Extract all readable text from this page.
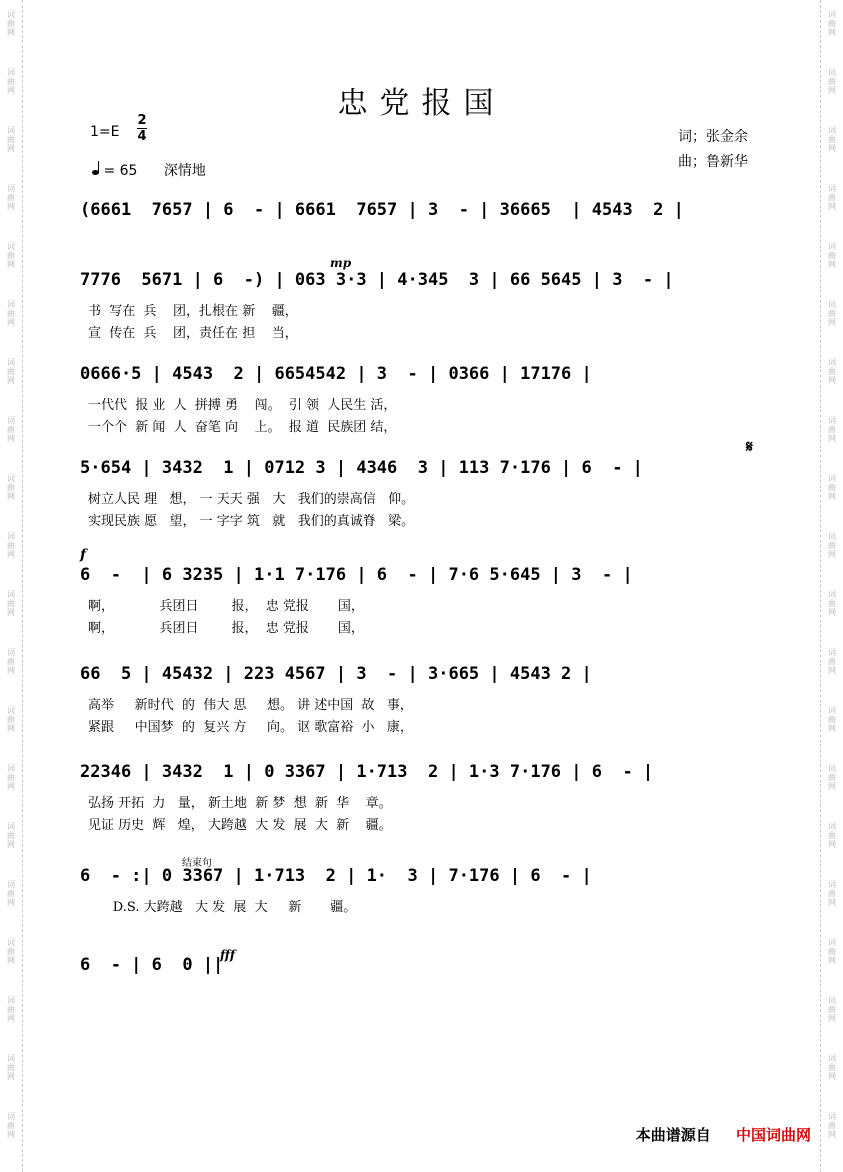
词
曲
网
词
曲
网
词
曲
网
词
曲
网
词
曲
网
词
曲
网
词
曲
网
词
曲
网
词
曲
网
词
曲
网
词
曲
网
词
曲
网
词
曲
网
词
曲
网
词
曲
网
词
曲
网
词
曲
网
词
曲
网
词
曲
网
词
曲
网
词
曲
网
词
曲
网
词
曲
网
词
曲
网
词
曲
网
词
曲
网
词
曲
网
词
曲
网
词
曲
网
词
曲
网
词
曲
网
词
曲
网
词
曲
网
词
曲
网
词
曲
网
词
曲
网
词
曲
网
词
曲
网
词
曲
网
词
曲
网
忠党报国
1=E
2
4
= 65 深情地
词；张金余
曲；鲁新华
(6661  7657 | 6  - | 6661  7657 | 3  - | 36665  | 4543  2 |
7776  5671 | 6  -) | 063 3·3 | 4·345  3 | 66 5645 | 3  - |
书  写在  兵    团，扎根在 新    疆，
宣  传在  兵    团，责任在 担    当，
0666·5 | 4543  2 | 6654542 | 3  - | 0366 | 17176 |
一代代  报 业  人  拼搏 勇    闯。  引 领  人民生 活，
一个个  新 闻  人  奋笔 向    上。  报 道  民族团 结，
5·654 | 3432  1 | 0712 3 | 4346  3 | 113 7·176 | 6  - |
树立人民 理   想， 一 天天 强   大   我们的崇高信   仰。
实现民族 愿   望， 一 字字 筑   就   我们的真诚脊   梁。
6  -  | 6 3235 | 1·1 7·176 | 6  - | 7·6 5·645 | 3  - |
啊，           兵团日        报，  忠 党报       国，
啊，           兵团日        报，  忠 党报       国，
66  5 | 45432 | 223 4567 | 3  - | 3·665 | 4543 2 |
高举     新时代  的  伟大 思     想。 讲 述中国  故   事，
紧跟     中国梦  的  复兴 方     向。 讴 歌富裕  小   康，
22346 | 3432  1 | 0 3367 | 1·713  2 | 1·3 7·176 | 6  - |
弘扬 开拓  力   量， 新土地  新 梦  想  新  华    章。
见证 历史  辉   煌， 大跨越  大 发  展  大  新    疆。
6  - :| 0 3367 | 1·713  2 | 1·  3 | 7·176 | 6  - |
D.S. 大跨越   大 发  展  大     新       疆。
6  - | 6  0 ||
mp
f
fff
结束句
𝄋
本曲谱源自 中国词曲网
